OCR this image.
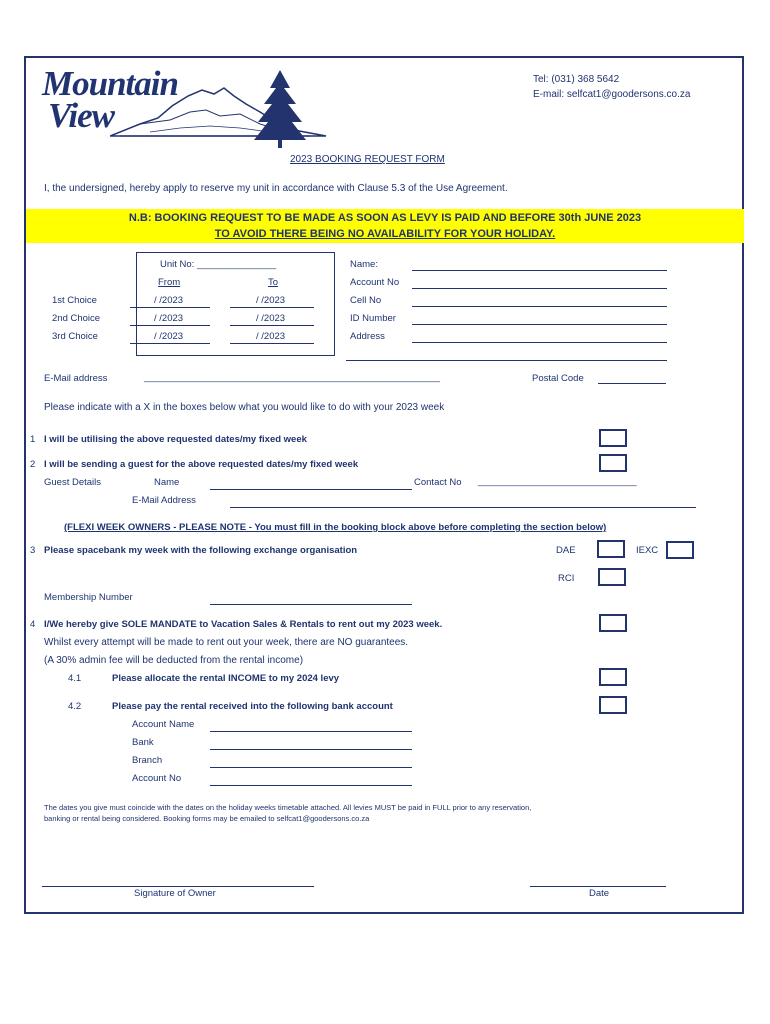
Mountain
View
Tel: (031) 368 5642
E-mail: selfcat1@goodersons.co.za
2023 BOOKING REQUEST FORM
I, the undersigned, hereby apply to reserve my unit in accordance with Clause 5.3 of the Use Agreement.
N.B: BOOKING REQUEST TO BE MADE AS SOON AS LEVY IS PAID AND BEFORE 30th JUNE 2023
TO AVOID THERE BEING NO AVAILABILITY FOR YOUR HOLIDAY.
Unit No: _______________
From	To
1st Choice	/ /2023	/ /2023
2nd Choice	/ /2023	/ /2023
3rd Choice	/ /2023	/ /2023
Name:
Account No
Cell No
ID Number
Address
E-Mail address	________________________________________________________	Postal Code
Please indicate with a X in the boxes below what you would like to do with your 2023 week
1 I will be utilising the above requested dates/my fixed week
2 I will be sending a guest for the above requested dates/my fixed week
Guest Details	Name	Contact No ______________________________
E-Mail Address
(FLEXI WEEK OWNERS - PLEASE NOTE - You must fill in the booking block above before completing the section below)
3 Please spacebank my week with the following exchange organisation	DAE	IEXC
RCI
Membership Number
4 I/We hereby give SOLE MANDATE to Vacation Sales & Rentals to rent out my 2023 week.
Whilst every attempt will be made to rent out your week, there are NO guarantees.
(A 30% admin fee will be deducted from the rental income)
4.1	Please allocate the rental INCOME to my 2024 levy
4.2	Please pay the rental received into the following bank account
Account Name
Bank
Branch
Account No
The dates you give must coincide with the dates on the holiday weeks timetable attached. All levies MUST be paid in FULL prior to any reservation,
banking or rental being considered. Booking forms may be emailed to selfcat1@goodersons.co.za
Signature of Owner	Date
